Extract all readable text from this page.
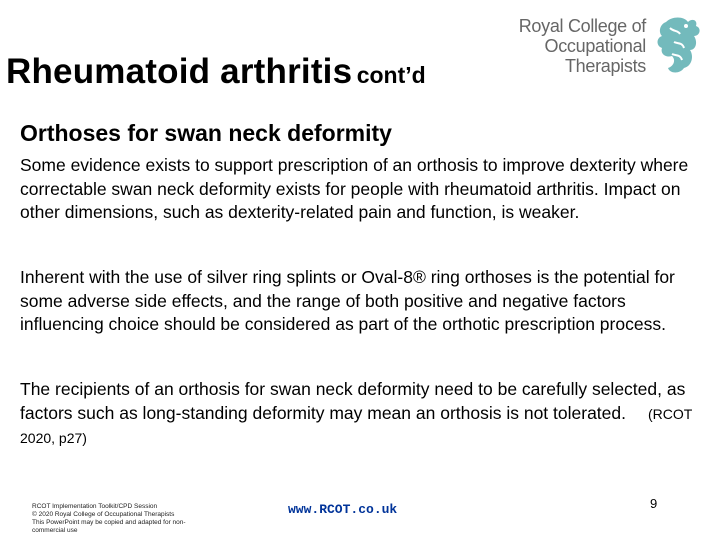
Rheumatoid arthritis cont’d
Royal College of
Occupational
Therapists
Orthoses for swan neck deformity

Some evidence exists to support prescription of an orthosis to improve dexterity where correctable swan neck deformity exists for people with rheumatoid arthritis. Impact on other dimensions, such as dexterity-related pain and function, is weaker.

Inherent with the use of silver ring splints or Oval-8® ring orthoses is the potential for some adverse side effects, and the range of both positive and negative factors influencing choice should be considered as part of the orthotic prescription process.

The recipients of an orthosis for swan neck deformity need to be carefully selected, as factors such as long-standing deformity may mean an orthosis is not tolerated. (RCOT 2020, p27)

RCOT Implementation Toolkit/CPD Session
© 2020 Royal College of Occupational Therapists
This PowerPoint may be copied and adapted for non-
commercial use
www.RCOT.co.uk	9
